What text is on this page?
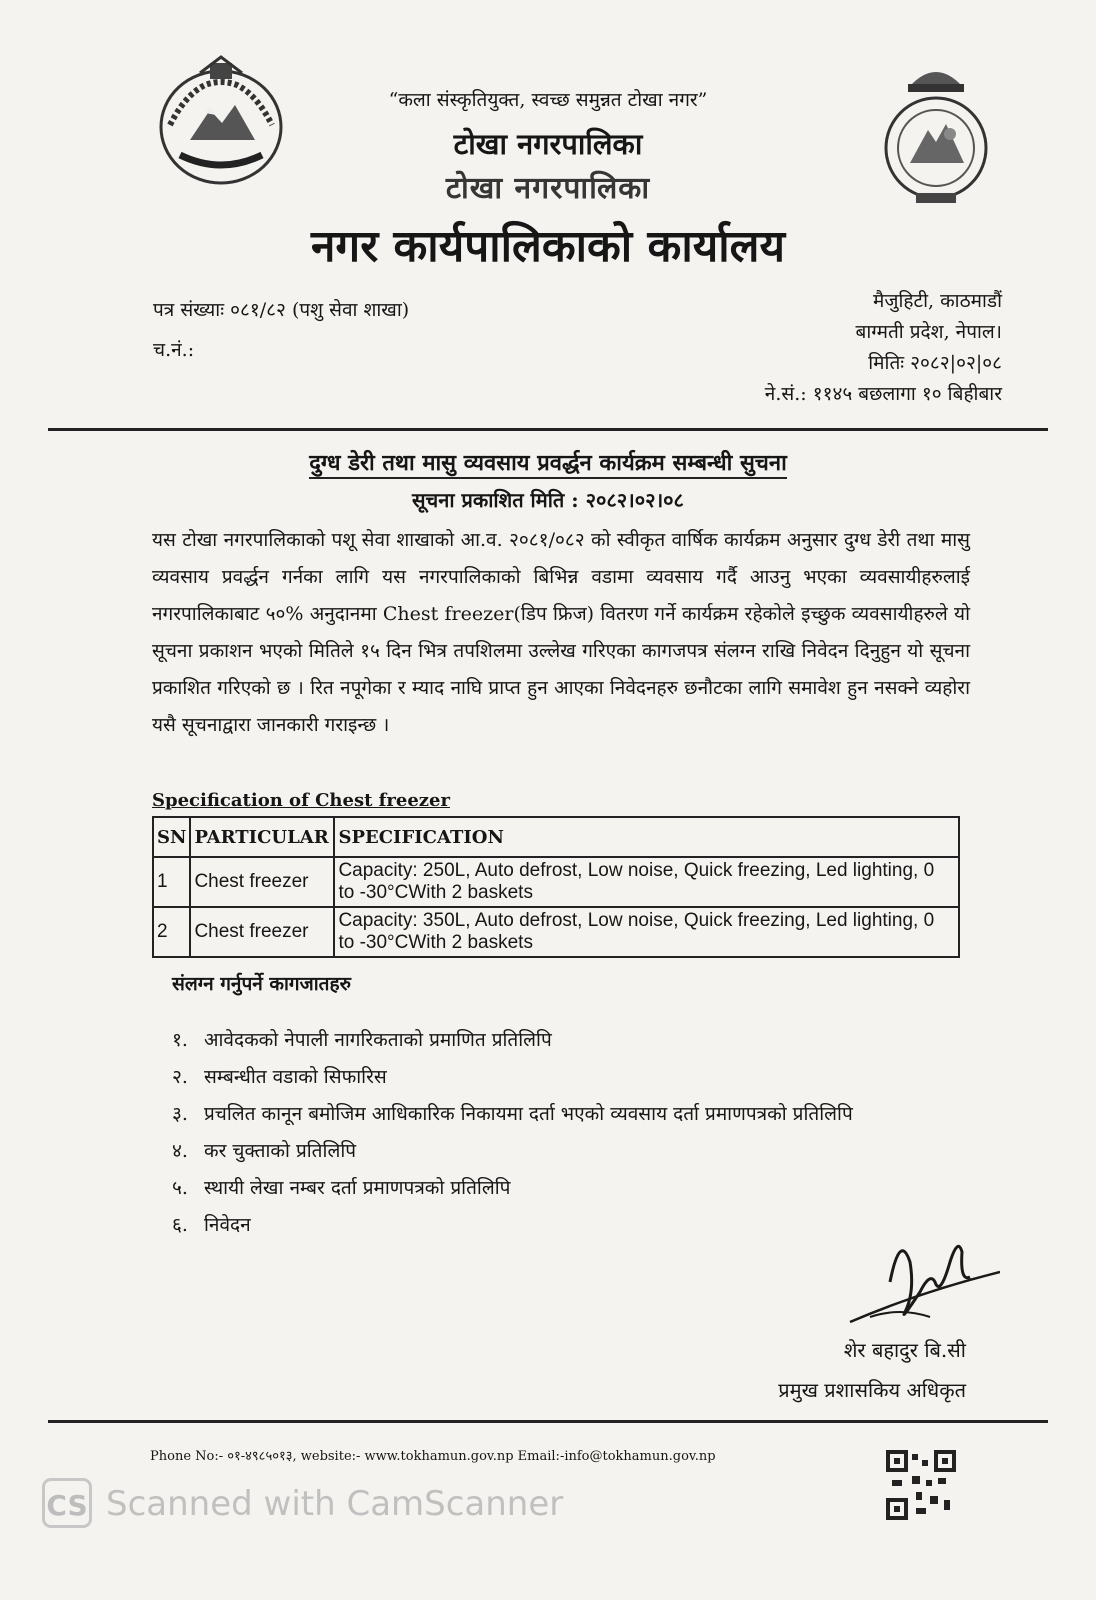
“कला संस्कृतियुक्त, स्वच्छ समुन्नत टोखा नगर”
टोखा नगरपालिका
टोखा नगरपालिका
नगर कार्यपालिकाको कार्यालय
पत्र संख्याः ०८१/८२ (पशु सेवा शाखा)
च.नं.:
मैजुहिटी, काठमाडौं
बाग्मती प्रदेश, नेपाल।
मितिः २०८२|०२|०८
ने.सं.: ११४५ बछलागा १० बिहीबार
दुग्ध डेरी तथा मासु व्यवसाय प्रवर्द्धन कार्यक्रम सम्बन्धी सुचना
सूचना प्रकाशित मिति : २०८२।०२।०८
यस टोखा नगरपालिकाको पशू सेवा शाखाको आ.व. २०८१/०८२ को स्वीकृत वार्षिक कार्यक्रम अनुसार दुग्ध डेरी तथा मासु व्यवसाय प्रवर्द्धन गर्नका लागि यस नगरपालिकाको बिभिन्न वडामा व्यवसाय गर्दै आउनु भएका व्यवसायीहरुलाई नगरपालिकाबाट ५०% अनुदानमा Chest freezer(डिप फ्रिज) वितरण गर्ने कार्यक्रम रहेकोले इच्छुक व्यवसायीहरुले यो सूचना प्रकाशन भएको मितिले १५ दिन भित्र तपशिलमा उल्लेख गरिएका कागजपत्र संलग्न राखि निवेदन दिनुहुन यो सूचना प्रकाशित गरिएको छ । रित नपूगेका र म्याद नाघि प्राप्त हुन आएका निवेदनहरु छनौटका लागि समावेश हुन नसक्ने व्यहोरा यसै सूचनाद्वारा जानकारी गराइन्छ ।
Specification of Chest freezer
SN	PARTICULAR	SPECIFICATION
1	Chest freezer	Capacity: 250L, Auto defrost, Low noise, Quick freezing, Led lighting, 0 to -30°CWith 2 baskets
2	Chest freezer	Capacity: 350L, Auto defrost, Low noise, Quick freezing, Led lighting, 0 to -30°CWith 2 baskets
संलग्न गर्नुपर्ने कागजातहरु
१. आवेदकको नेपाली नागरिकताको प्रमाणित प्रतिलिपि
२. सम्बन्धीत वडाको सिफारिस
३. प्रचलित कानून बमोजिम आधिकारिक निकायमा दर्ता भएको व्यवसाय दर्ता प्रमाणपत्रको प्रतिलिपि
४. कर चुक्ताको प्रतिलिपि
५. स्थायी लेखा नम्बर दर्ता प्रमाणपत्रको प्रतिलिपि
६. निवेदन
शेर बहादुर बि.सी
प्रमुख प्रशासकिय अधिकृत
Phone No:- ०१-४९८५०१३, website:- www.tokhamun.gov.np Email:-info@tokhamun.gov.np
CS Scanned with CamScanner
